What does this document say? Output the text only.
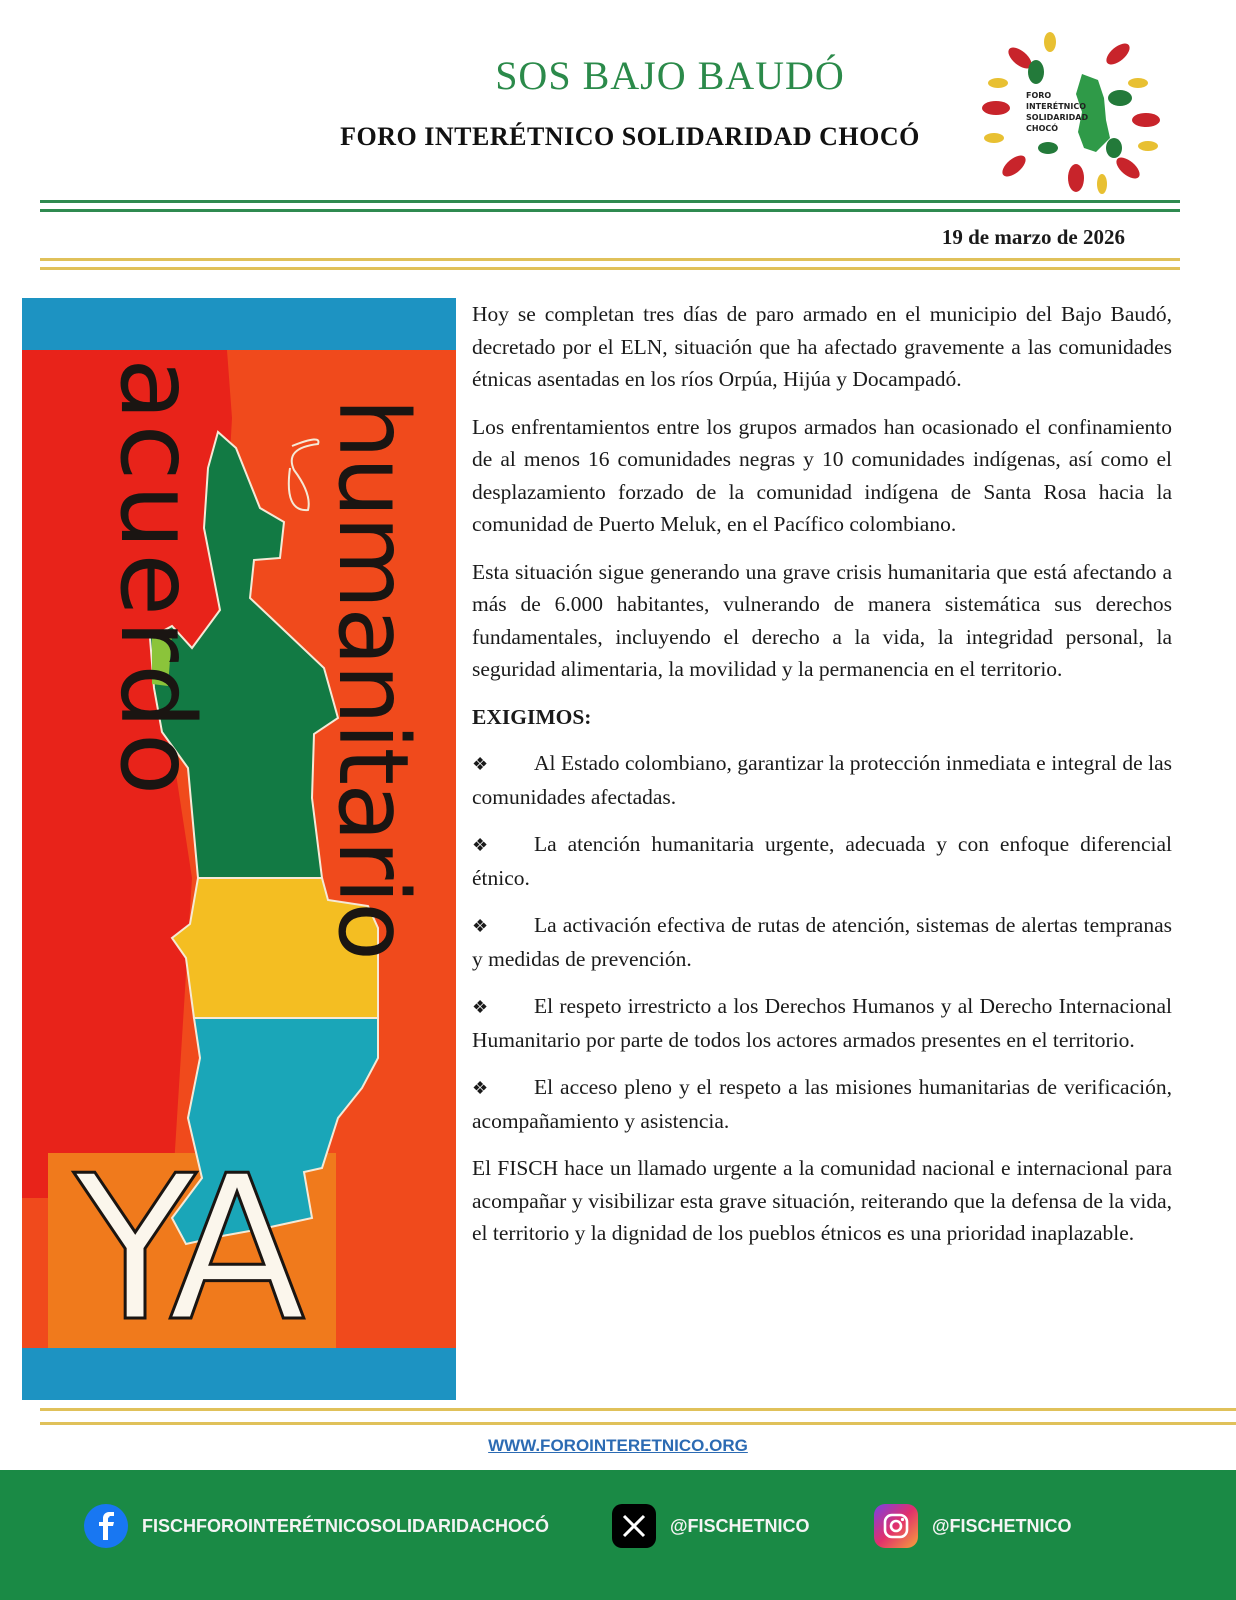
SOS BAJO BAUDÓ
FORO INTERÉTNICO SOLIDARIDAD CHOCÓ
FORO
INTERÉTNICO
SOLIDARIDAD
CHOCÓ
19 de marzo de 2026
acuerdo humanitario
YA

Hoy se completan tres días de paro armado en el municipio del Bajo Baudó, decretado por el ELN, situación que ha afectado gravemente a las comunidades étnicas asentadas en los ríos Orpúa, Hijúa y Docampadó.

Los enfrentamientos entre los grupos armados han ocasionado el confinamiento de al menos 16 comunidades negras y 10 comunidades indígenas, así como el desplazamiento forzado de la comunidad indígena de Santa Rosa hacia la comunidad de Puerto Meluk, en el Pacífico colombiano.

Esta situación sigue generando una grave crisis humanitaria que está afectando a más de 6.000 habitantes, vulnerando de manera sistemática sus derechos fundamentales, incluyendo el derecho a la vida, la integridad personal, la seguridad alimentaria, la movilidad y la permanencia en el territorio.

EXIGIMOS:

❖ Al Estado colombiano, garantizar la protección inmediata e integral de las comunidades afectadas.

❖ La atención humanitaria urgente, adecuada y con enfoque diferencial étnico.

❖ La activación efectiva de rutas de atención, sistemas de alertas tempranas y medidas de prevención.

❖ El respeto irrestricto a los Derechos Humanos y al Derecho Internacional Humanitario por parte de todos los actores armados presentes en el territorio.

❖ El acceso pleno y el respeto a las misiones humanitarias de verificación, acompañamiento y asistencia.

El FISCH hace un llamado urgente a la comunidad nacional e internacional para acompañar y visibilizar esta grave situación, reiterando que la defensa de la vida, el territorio y la dignidad de los pueblos étnicos es una prioridad inaplazable.

WWW.FOROINTERETNICO.ORG
FISCHFOROINTERÉTNICOSOLIDARIDACHOCÓ	@FISCHETNICO	@FISCHETNICO
